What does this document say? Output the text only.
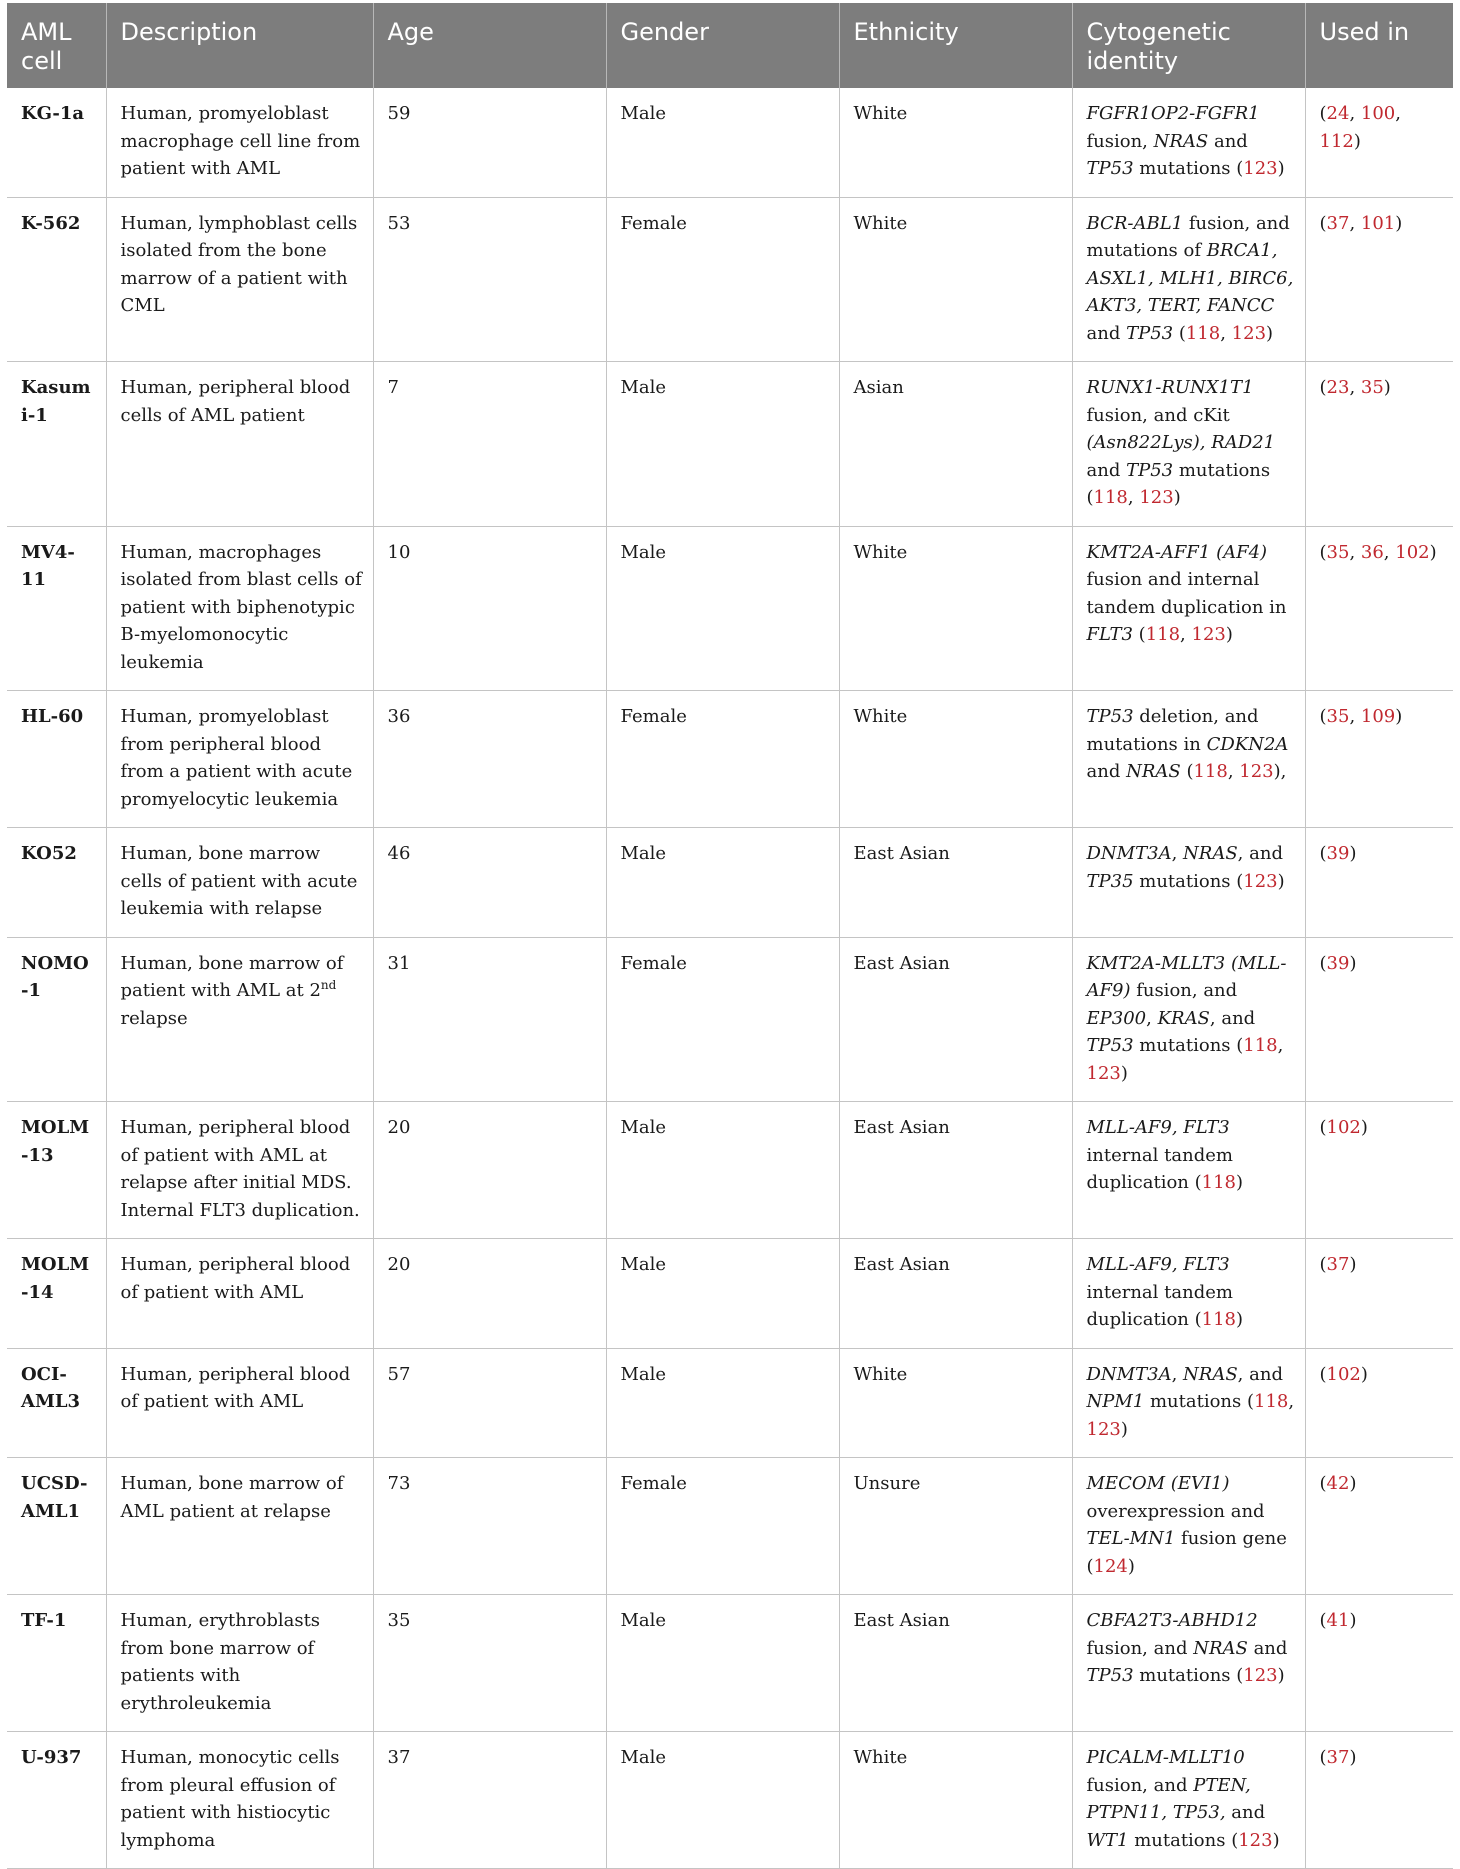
AML cell	Description	Age	Gender	Ethnicity	Cytogenetic identity	Used in
KG-1a	Human, promyeloblast macrophage cell line from patient with AML	59	Male	White	FGFR1OP2-FGFR1 fusion, NRAS and TP53 mutations (123)	(24, 100, 112)
K-562	Human, lymphoblast cells isolated from the bone marrow of a patient with CML	53	Female	White	BCR-ABL1 fusion, and mutations of BRCA1, ASXL1, MLH1, BIRC6, AKT3, TERT, FANCC and TP53 (118, 123)	(37, 101)
Kasumi-1	Human, peripheral blood cells of AML patient	7	Male	Asian	RUNX1-RUNX1T1 fusion, and cKit (Asn822Lys), RAD21 and TP53 mutations (118, 123)	(23, 35)
MV4-11	Human, macrophages isolated from blast cells of patient with biphenotypic B-myelomonocytic leukemia	10	Male	White	KMT2A-AFF1 (AF4) fusion and internal tandem duplication in FLT3 (118, 123)	(35, 36, 102)
HL-60	Human, promyeloblast from peripheral blood from a patient with acute promyelocytic leukemia	36	Female	White	TP53 deletion, and mutations in CDKN2A and NRAS (118, 123),	(35, 109)
KO52	Human, bone marrow cells of patient with acute leukemia with relapse	46	Male	East Asian	DNMT3A, NRAS, and TP35 mutations (123)	(39)
NOMO-1	Human, bone marrow of patient with AML at 2nd relapse	31	Female	East Asian	KMT2A-MLLT3 (MLL-AF9) fusion, and EP300, KRAS, and TP53 mutations (118, 123)	(39)
MOLM-13	Human, peripheral blood of patient with AML at relapse after initial MDS. Internal FLT3 duplication.	20	Male	East Asian	MLL-AF9, FLT3 internal tandem duplication (118)	(102)
MOLM-14	Human, peripheral blood of patient with AML	20	Male	East Asian	MLL-AF9, FLT3 internal tandem duplication (118)	(37)
OCI-AML3	Human, peripheral blood of patient with AML	57	Male	White	DNMT3A, NRAS, and NPM1 mutations (118, 123)	(102)
UCSD-AML1	Human, bone marrow of AML patient at relapse	73	Female	Unsure	MECOM (EVI1) overexpression and TEL-MN1 fusion gene (124)	(42)
TF-1	Human, erythroblasts from bone marrow of patients with erythroleukemia	35	Male	East Asian	CBFA2T3-ABHD12 fusion, and NRAS and TP53 mutations (123)	(41)
U-937	Human, monocytic cells from pleural effusion of patient with histiocytic lymphoma	37	Male	White	PICALM-MLLT10 fusion, and PTEN, PTPN11, TP53, and WT1 mutations (123)	(37)
